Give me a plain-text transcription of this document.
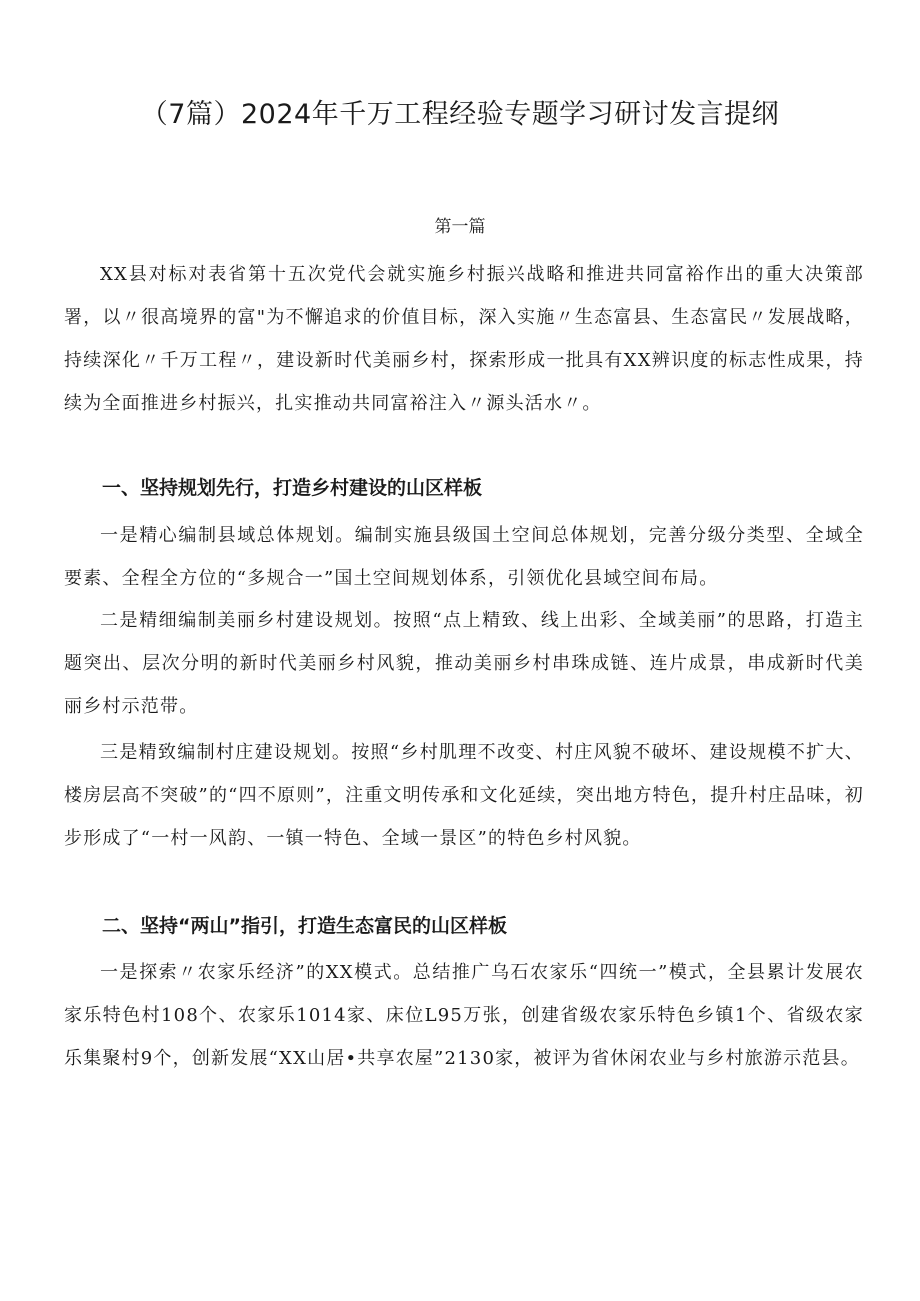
（7篇）2024年千万工程经验专题学习研讨发言提纲
第一篇

XX县对标对表省第十五次党代会就实施乡村振兴战略和推进共同富裕作出的重大决策部署，以〃很高境界的富"为不懈追求的价值目标，深入实施〃生态富县、生态富民〃发展战略，持续深化〃千万工程〃，建设新时代美丽乡村，探索形成一批具有XX辨识度的标志性成果，持续为全面推进乡村振兴，扎实推动共同富裕注入〃源头活水〃。

一、坚持规划先行，打造乡村建设的山区样板

一是精心编制县域总体规划。编制实施县级国土空间总体规划，完善分级分类型、全域全要素、全程全方位的“多规合一”国土空间规划体系，引领优化县域空间布局。

二是精细编制美丽乡村建设规划。按照“点上精致、线上出彩、全域美丽”的思路，打造主题突出、层次分明的新时代美丽乡村风貌，推动美丽乡村串珠成链、连片成景，串成新时代美丽乡村示范带。

三是精致编制村庄建设规划。按照“乡村肌理不改变、村庄风貌不破坏、建设规模不扩大、楼房层高不突破”的“四不原则”，注重文明传承和文化延续，突出地方特色，提升村庄品味，初步形成了“一村一风韵、一镇一特色、全域一景区”的特色乡村风貌。

二、坚持“两山”指引，打造生态富民的山区样板

一是探索〃农家乐经济”的XX模式。总结推广乌石农家乐“四统一”模式，全县累计发展农家乐特色村108个、农家乐1014家、床位L95万张，创建省级农家乐特色乡镇1个、省级农家乐集聚村9个，创新发展“XX山居•共享农屋”2130家，被评为省休闲农业与乡村旅游示范县。
